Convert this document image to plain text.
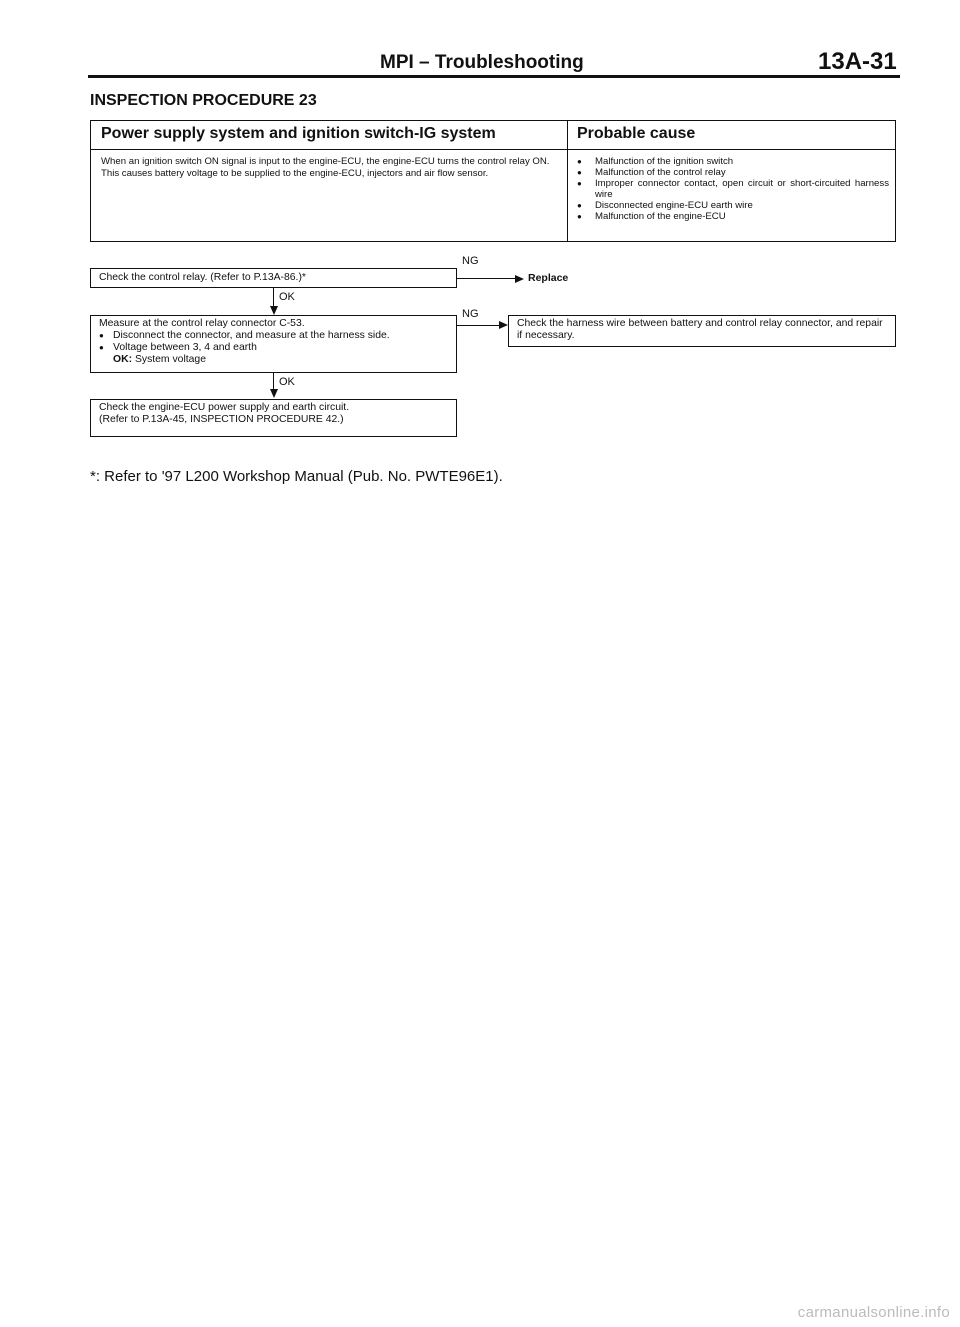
MPI – Troubleshooting	13A-31
INSPECTION PROCEDURE 23
Power supply system and ignition switch-IG system	Probable cause
When an ignition switch ON signal is input to the engine-ECU, the engine-ECU turns the control relay ON. This causes battery voltage to be supplied to the engine-ECU, injectors and air flow sensor.
● Malfunction of the ignition switch
● Malfunction of the control relay
● Improper connector contact, open circuit or short-circuited harness wire
● Disconnected engine-ECU earth wire
● Malfunction of the engine-ECU
Check the control relay. (Refer to P.13A-86.)*
NG
Replace
OK
Measure at the control relay connector C-53.
● Disconnect the connector, and measure at the harness side.
● Voltage between 3, 4 and earth
OK: System voltage
NG
Check the harness wire between battery and control relay connector, and repair if necessary.
OK
Check the engine-ECU power supply and earth circuit.
(Refer to P.13A-45, INSPECTION PROCEDURE 42.)
*: Refer to '97 L200 Workshop Manual (Pub. No. PWTE96E1).
carmanualsonline.info
